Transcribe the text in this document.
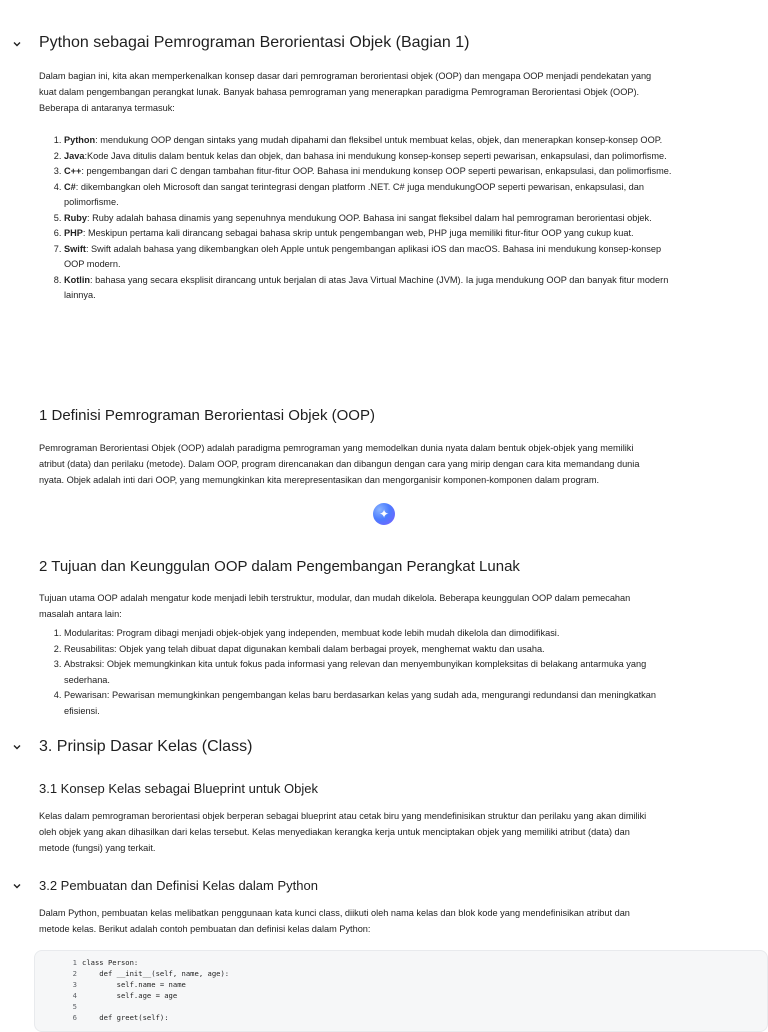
Python sebagai Pemrograman Berorientasi Objek (Bagian 1)

Dalam bagian ini, kita akan memperkenalkan konsep dasar dari pemrograman berorientasi objek (OOP) dan mengapa OOP menjadi pendekatan yang kuat dalam pengembangan perangkat lunak. Banyak bahasa pemrograman yang menerapkan paradigma Pemrograman Berorientasi Objek (OOP). Beberapa di antaranya termasuk:

1. Python: mendukung OOP dengan sintaks yang mudah dipahami dan fleksibel untuk membuat kelas, objek, dan menerapkan konsep-konsep OOP.
2. Java:Kode Java ditulis dalam bentuk kelas dan objek, dan bahasa ini mendukung konsep-konsep seperti pewarisan, enkapsulasi, dan polimorfisme.
3. C++: pengembangan dari C dengan tambahan fitur-fitur OOP. Bahasa ini mendukung konsep OOP seperti pewarisan, enkapsulasi, dan polimorfisme.
4. C#: dikembangkan oleh Microsoft dan sangat terintegrasi dengan platform .NET. C# juga mendukungOOP seperti pewarisan, enkapsulasi, dan polimorfisme.
5. Ruby: Ruby adalah bahasa dinamis yang sepenuhnya mendukung OOP. Bahasa ini sangat fleksibel dalam hal pemrograman berorientasi objek.
6. PHP: Meskipun pertama kali dirancang sebagai bahasa skrip untuk pengembangan web, PHP juga memiliki fitur-fitur OOP yang cukup kuat.
7. Swift: Swift adalah bahasa yang dikembangkan oleh Apple untuk pengembangan aplikasi iOS dan macOS. Bahasa ini mendukung konsep-konsep OOP modern.
8. Kotlin: bahasa yang secara eksplisit dirancang untuk berjalan di atas Java Virtual Machine (JVM). Ia juga mendukung OOP dan banyak fitur modern lainnya.
1 Definisi Pemrograman Berorientasi Objek (OOP)

Pemrograman Berorientasi Objek (OOP) adalah paradigma pemrograman yang memodelkan dunia nyata dalam bentuk objek-objek yang memiliki atribut (data) dan perilaku (metode). Dalam OOP, program direncanakan dan dibangun dengan cara yang mirip dengan cara kita memandang dunia nyata. Objek adalah inti dari OOP, yang memungkinkan kita merepresentasikan dan mengorganisir komponen-komponen dalam program.

✦
2 Tujuan dan Keunggulan OOP dalam Pengembangan Perangkat Lunak

Tujuan utama OOP adalah mengatur kode menjadi lebih terstruktur, modular, dan mudah dikelola. Beberapa keunggulan OOP dalam pemecahan masalah antara lain:

1. Modularitas: Program dibagi menjadi objek-objek yang independen, membuat kode lebih mudah dikelola dan dimodifikasi.
2. Reusabilitas: Objek yang telah dibuat dapat digunakan kembali dalam berbagai proyek, menghemat waktu dan usaha.
3. Abstraksi: Objek memungkinkan kita untuk fokus pada informasi yang relevan dan menyembunyikan kompleksitas di belakang antarmuka yang sederhana.
4. Pewarisan: Pewarisan memungkinkan pengembangan kelas baru berdasarkan kelas yang sudah ada, mengurangi redundansi dan meningkatkan efisiensi.
3. Prinsip Dasar Kelas (Class)
3.1 Konsep Kelas sebagai Blueprint untuk Objek

Kelas dalam pemrograman berorientasi objek berperan sebagai blueprint atau cetak biru yang mendefinisikan struktur dan perilaku yang akan dimiliki oleh objek yang akan dihasilkan dari kelas tersebut. Kelas menyediakan kerangka kerja untuk menciptakan objek yang memiliki atribut (data) dan metode (fungsi) yang terkait.

3.2 Pembuatan dan Definisi Kelas dalam Python

Dalam Python, pembuatan kelas melibatkan penggunaan kata kunci class, diikuti oleh nama kelas dan blok kode yang mendefinisikan atribut dan metode kelas. Berikut adalah contoh pembuatan dan definisi kelas dalam Python:

1 class Person:
2 def __init__(self, name, age):
3 self.name = name
4 self.age = age
5
6 def greet(self):
